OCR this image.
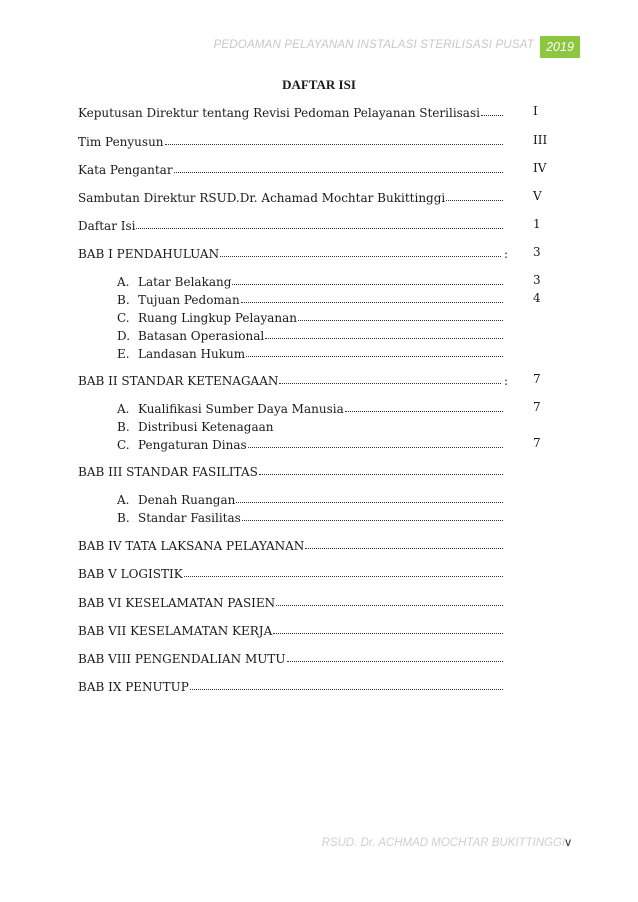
PEDOAMAN PELAYANAN INSTALASI STERILISASI PUSAT 2019
DAFTAR ISI
Keputusan Direktur tentang Revisi Pedoman Pelayanan Sterilisasi	I
Tim Penyusun	III
Kata Pengantar	IV
Sambutan Direktur RSUD.Dr. Achamad Mochtar Bukittinggi	V
Daftar Isi	1
BAB I PENDAHULUAN	: 3
A. Latar Belakang	3
B. Tujuan Pedoman	4
C. Ruang Lingkup Pelayanan
D. Batasan Operasional
E. Landasan Hukum
BAB II STANDAR KETENAGAAN	: 7
A. Kualifikasi Sumber Daya Manusia	7
B. Distribusi Ketenagaan
C. Pengaturan Dinas	7
BAB III STANDAR FASILITAS
A. Denah Ruangan
B. Standar Fasilitas
BAB IV TATA LAKSANA PELAYANAN
BAB V LOGISTIK
BAB VI KESELAMATAN PASIEN
BAB VII KESELAMATAN KERJA
BAB VIII PENGENDALIAN MUTU
BAB IX PENUTUP
RSUD. Dr. ACHMAD MOCHTAR BUKITTINGGIv
